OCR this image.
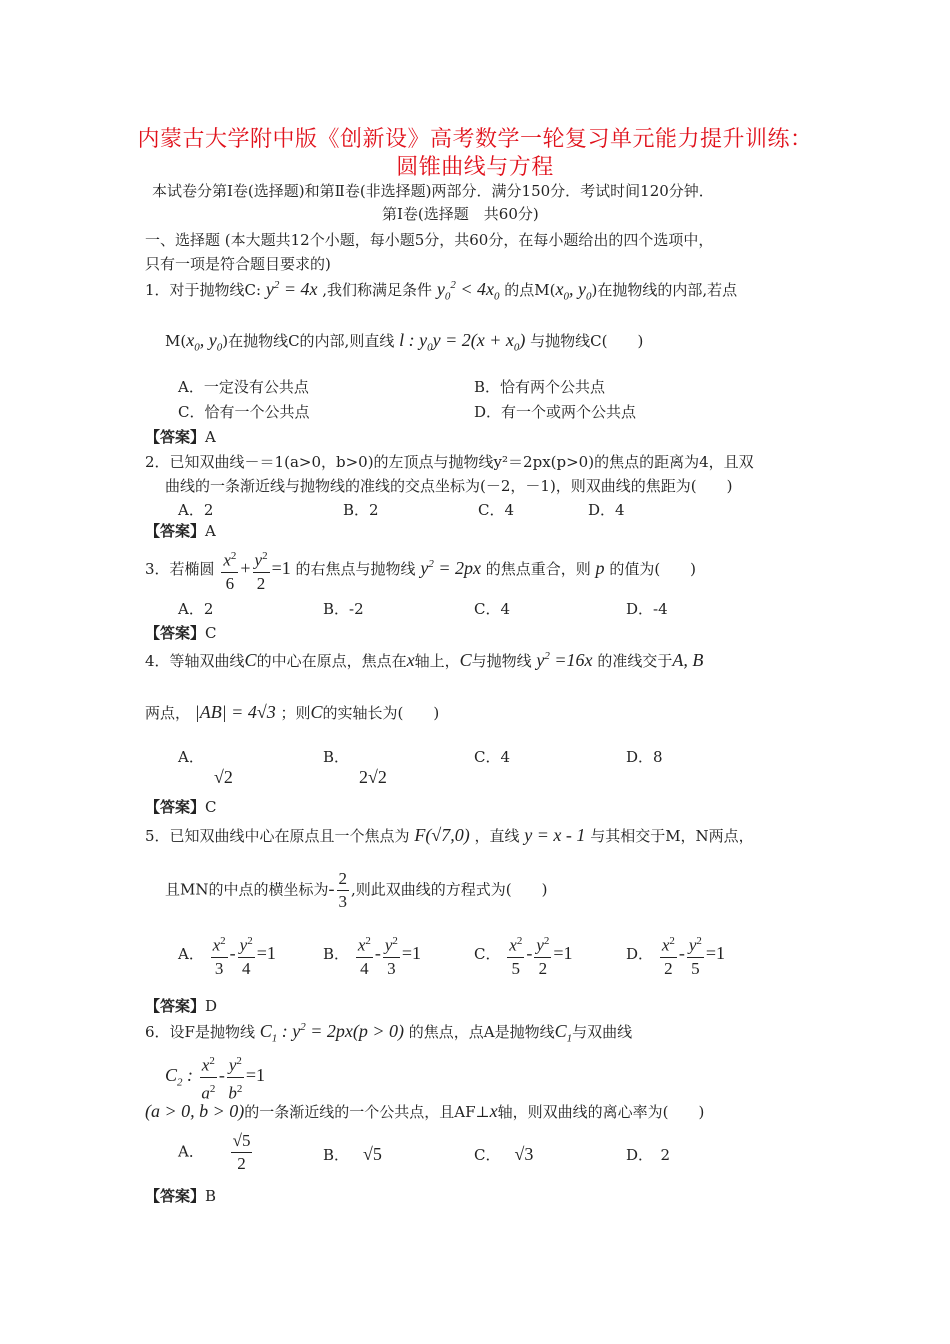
内蒙古大学附中版《创新设》高考数学一轮复习单元能力提升训练：
圆锥曲线与方程
本试卷分第Ⅰ卷(选择题)和第Ⅱ卷(非选择题)两部分．满分150分．考试时间120分钟．
第Ⅰ卷(选择题　共60分)
一、选择题 (本大题共12个小题，每小题5分，共60分，在每小题给出的四个选项中，
只有一项是符合题目要求的)
1．对于抛物线C: $y^2 = 4x$ ,我们称满足条件 $y_0^2 < 4x_0$ 的点$M(x_0$, $y_0$)在抛物线的内部,若点
$M(x_0$, $y_0$)在抛物线C的内部,则直线 l : $y_0y = 2(x + x_0)$ 与抛物线C(　　)
A．一定没有公共点	B．恰有两个公共点
C．恰有一个公共点	D．有一个或两个公共点
【答案】A
2．已知双曲线－＝1(a>0，b>0)的左顶点与抛物线y²＝2px(p>0)的焦点的距离为4，且双
曲线的一条渐近线与抛物线的准线的交点坐标为(－2，－1)，则双曲线的焦距为(　　)
A．2	B．2	C．4	D．4
【答案】A
3．若椭圆 $\frac{x^2}{6} + \frac{y^2}{2} =1$ 的右焦点与抛物线 $y^2 = 2px$ 的焦点重合，则 p 的值为(　　)
A．2	B．-2	C．4	D．-4
【答案】C
4．等轴双曲线C的中心在原点，焦点在x轴上，C与抛物线 $y^2 =16x$ 的准线交于A, B
两点， |AB| = 4√3 ；则C的实轴长为(　　)
A．
√2
B．
2√2
C．4	D．8
【答案】C
5．已知双曲线中心在原点且一个焦点为 F(√7,0) ，直线 y = x - 1 与其相交于M，N两点，
且MN的中点的横坐标为- $\frac{2}{3}$ ,则此双曲线的方程式为(　　)
A． $\frac{x^2}{3} - \frac{y^2}{4} =1$	B． $\frac{x^2}{4} - \frac{y^2}{3} =1$	C． $\frac{x^2}{5} - \frac{y^2}{2} =1$	D． $\frac{x^2}{2} - \frac{y^2}{5} =1$
【答案】D
6．设F是抛物线 $C_1$ : $y^2 = 2px(p > 0)$ 的焦点，点A是抛物线$C_1$与双曲线
$C_2$ : $\frac{x^2}{a^2} - \frac{y^2}{b^2} =1$
(a > 0, b > 0)的一条渐近线的一个公共点，且AF⊥x轴，则双曲线的离心率为(　　)
A． $\frac{√5}{2}$	B． √5	C． √3	D．　2
【答案】B
